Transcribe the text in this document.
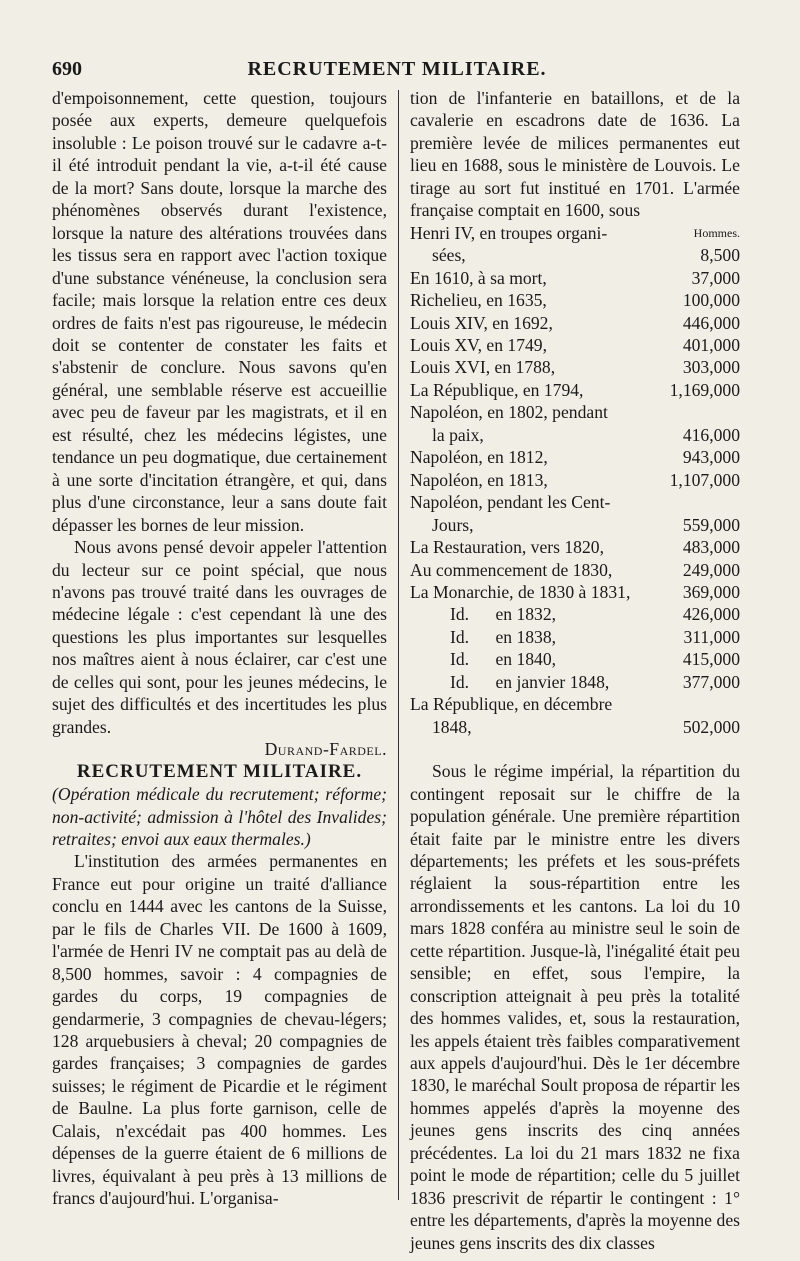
690	RECRUTEMENT MILITAIRE.

d'empoisonnement, cette question, toujours posée aux experts, demeure quelquefois insoluble : Le poison trouvé sur le cadavre a-t-il été introduit pendant la vie, a-t-il été cause de la mort? Sans doute, lorsque la marche des phénomènes observés durant l'existence, lorsque la nature des altérations trouvées dans les tissus sera en rapport avec l'action toxique d'une substance vénéneuse, la conclusion sera facile; mais lorsque la relation entre ces deux ordres de faits n'est pas rigoureuse, le médecin doit se contenter de constater les faits et s'abstenir de conclure. Nous savons qu'en général, une semblable réserve est accueillie avec peu de faveur par les magistrats, et il en est résulté, chez les médecins légistes, une tendance un peu dogmatique, due certainement à une sorte d'incitation étrangère, et qui, dans plus d'une circonstance, leur a sans doute fait dépasser les bornes de leur mission.

Nous avons pensé devoir appeler l'attention du lecteur sur ce point spécial, que nous n'avons pas trouvé traité dans les ouvrages de médecine légale : c'est cependant là une des questions les plus importantes sur lesquelles nos maîtres aient à nous éclairer, car c'est une de celles qui sont, pour les jeunes médecins, le sujet des difficultés et des incertitudes les plus grandes.

Durand-Fardel.
RECRUTEMENT MILITAIRE.

(Opération médicale du recrutement; réforme; non-activité; admission à l'hôtel des Invalides; retraites; envoi aux eaux thermales.)

L'institution des armées permanentes en France eut pour origine un traité d'alliance conclu en 1444 avec les cantons de la Suisse, par le fils de Charles VII. De 1600 à 1609, l'armée de Henri IV ne comptait pas au delà de 8,500 hommes, savoir : 4 compagnies de gardes du corps, 19 compagnies de gendarmerie, 3 compagnies de chevau-légers; 128 arquebusiers à cheval; 20 compagnies de gardes françaises; 3 compagnies de gardes suisses; le régiment de Picardie et le régiment de Baulne. La plus forte garnison, celle de Calais, n'excédait pas 400 hommes. Les dépenses de la guerre étaient de 6 millions de livres, équivalant à peu près à 13 millions de francs d'aujourd'hui. L'organisa-

tion de l'infanterie en bataillons, et de la cavalerie en escadrons date de 1636. La première levée de milices permanentes eut lieu en 1688, sous le ministère de Louvois. Le tirage au sort fut institué en 1701. L'armée française comptait en 1600, sous

Henri IV, en troupes organi-	Hommes.
sées,	8,500
En 1610, à sa mort,	37,000
Richelieu, en 1635,	100,000
Louis XIV, en 1692,	446,000
Louis XV, en 1749,	401,000
Louis XVI, en 1788,	303,000
La République, en 1794,	1,169,000
Napoléon, en 1802, pendant	
la paix,	416,000
Napoléon, en 1812,	943,000
Napoléon, en 1813,	1,107,000
Napoléon, pendant les Cent-	
Jours,	559,000
La Restauration, vers 1820,	483,000
Au commencement de 1830,	249,000
La Monarchie, de 1830 à 1831,	369,000
Id.      en 1832,	426,000
Id.      en 1838,	311,000
Id.      en 1840,	415,000
Id.      en janvier 1848,	377,000
La République, en décembre	
1848,	502,000

Sous le régime impérial, la répartition du contingent reposait sur le chiffre de la population générale. Une première répartition était faite par le ministre entre les divers départements; les préfets et les sous-préfets réglaient la sous-répartition entre les arrondissements et les cantons. La loi du 10 mars 1828 conféra au ministre seul le soin de cette répartition. Jusque-là, l'inégalité était peu sensible; en effet, sous l'empire, la conscription atteignait à peu près la totalité des hommes valides, et, sous la restauration, les appels étaient très faibles comparativement aux appels d'aujourd'hui. Dès le 1er décembre 1830, le maréchal Soult proposa de répartir les hommes appelés d'après la moyenne des jeunes gens inscrits des cinq années précédentes. La loi du 21 mars 1832 ne fixa point le mode de répartition; celle du 5 juillet 1836 prescrivit de répartir le contingent : 1° entre les départements, d'après la moyenne des jeunes gens inscrits des dix classes
